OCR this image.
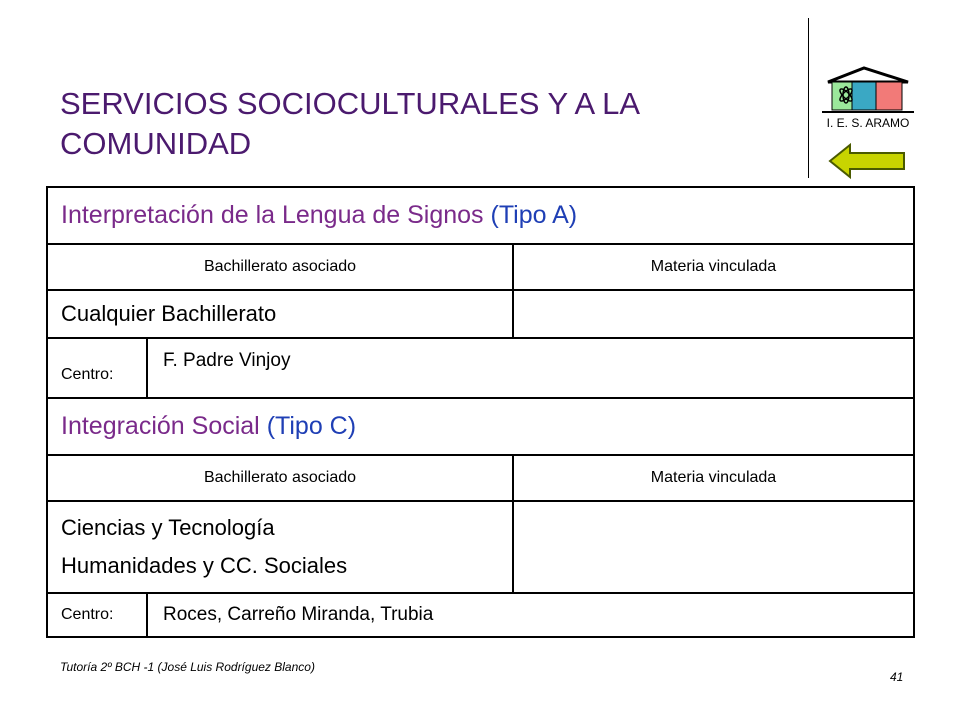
SERVICIOS SOCIOCULTURALES Y A LA
COMUNIDAD
I. E. S. ARAMO
Interpretación de la Lengua de Signos (Tipo A)		
Bachillerato asociado		Materia vinculada
Cualquier Bachillerato		
Centro:	F. Padre Vinjoy	
Integración Social (Tipo C)		
Bachillerato asociado		Materia vinculada

Ciencias y Tecnología
Humanidades y CC. Sociales		

Centro:	Roces, Carreño Miranda, Trubia	
Tutoría 2º BCH -1 (José Luis Rodríguez Blanco)
41
